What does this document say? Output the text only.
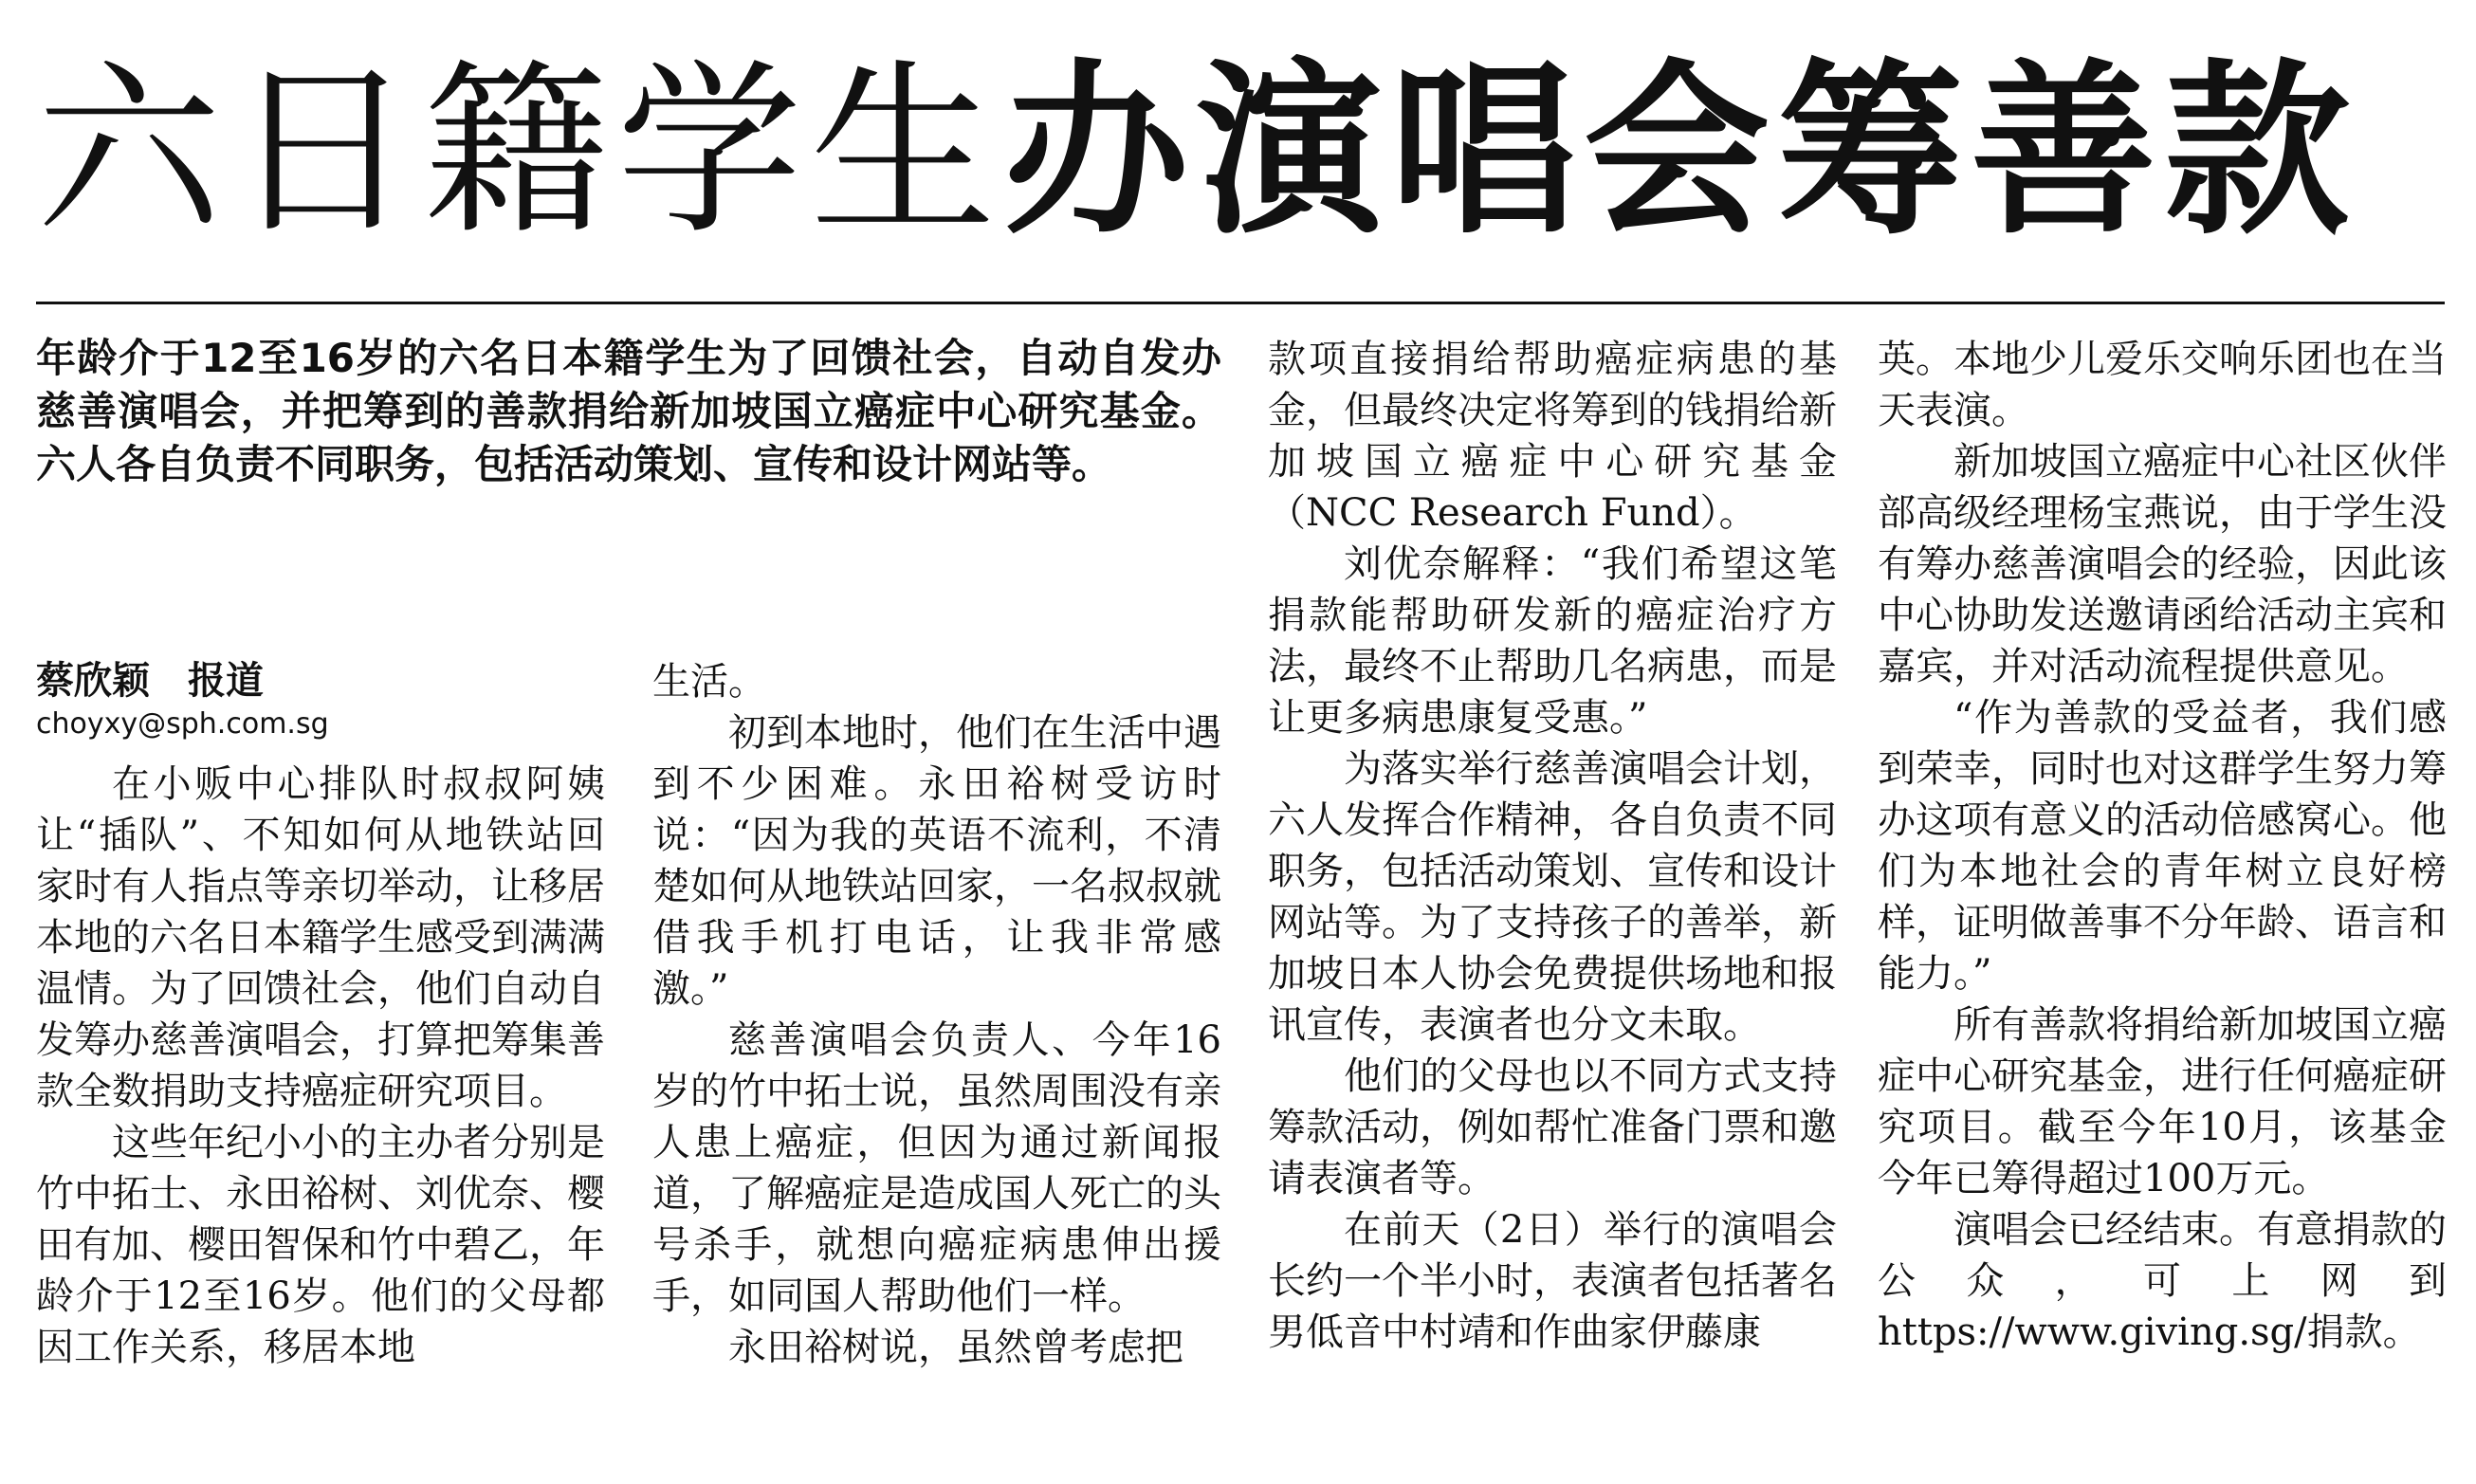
六日籍学生办演唱会筹善款
年龄介于12至16岁的六名日本籍学生为了回馈社会，自动自发办慈善演唱会，并把筹到的善款捐给新加坡国立癌症中心研究基金。六人各自负责不同职务，包括活动策划、宣传和设计网站等。
蔡欣颖　报道
choyxy@sph.com.sg

在小贩中心排队时叔叔阿姨让“插队”、不知如何从地铁站回家时有人指点等亲切举动，让移居本地的六名日本籍学生感受到满满温情。为了回馈社会，他们自动自发筹办慈善演唱会，打算把筹集善款全数捐助支持癌症研究项目。

这些年纪小小的主办者分别是竹中拓士、永田裕树、刘优奈、樱田有加、樱田智保和竹中碧乙，年龄介于12至16岁。他们的父母都因工作关系，移居本地

生活。

初到本地时，他们在生活中遇到不少困难。永田裕树受访时说：“因为我的英语不流利，不清楚如何从地铁站回家，一名叔叔就借我手机打电话，让我非常感激。”

慈善演唱会负责人、今年16岁的竹中拓士说，虽然周围没有亲人患上癌症，但因为通过新闻报道，了解癌症是造成国人死亡的头号杀手，就想向癌症病患伸出援手，如同国人帮助他们一样。

永田裕树说，虽然曾考虑把

款项直接捐给帮助癌症病患的基金，但最终决定将筹到的钱捐给新加坡国立癌症中心研究基金（NCC Research Fund）。

刘优奈解释：“我们希望这笔捐款能帮助研发新的癌症治疗方法，最终不止帮助几名病患，而是让更多病患康复受惠。”

为落实举行慈善演唱会计划，六人发挥合作精神，各自负责不同职务，包括活动策划、宣传和设计网站等。为了支持孩子的善举，新加坡日本人协会免费提供场地和报讯宣传，表演者也分文未取。

他们的父母也以不同方式支持筹款活动，例如帮忙准备门票和邀请表演者等。

在前天（2日）举行的演唱会长约一个半小时，表演者包括著名男低音中村靖和作曲家伊藤康

英。本地少儿爱乐交响乐团也在当天表演。

新加坡国立癌症中心社区伙伴部高级经理杨宝燕说，由于学生没有筹办慈善演唱会的经验，因此该中心协助发送邀请函给活动主宾和嘉宾，并对活动流程提供意见。

“作为善款的受益者，我们感到荣幸，同时也对这群学生努力筹办这项有意义的活动倍感窝心。他们为本地社会的青年树立良好榜样，证明做善事不分年龄、语言和能力。”

所有善款将捐给新加坡国立癌症中心研究基金，进行任何癌症研究项目。截至今年10月，该基金今年已筹得超过100万元。

演唱会已经结束。有意捐款的公众，可上网到https://www.giving.sg/捐款。
